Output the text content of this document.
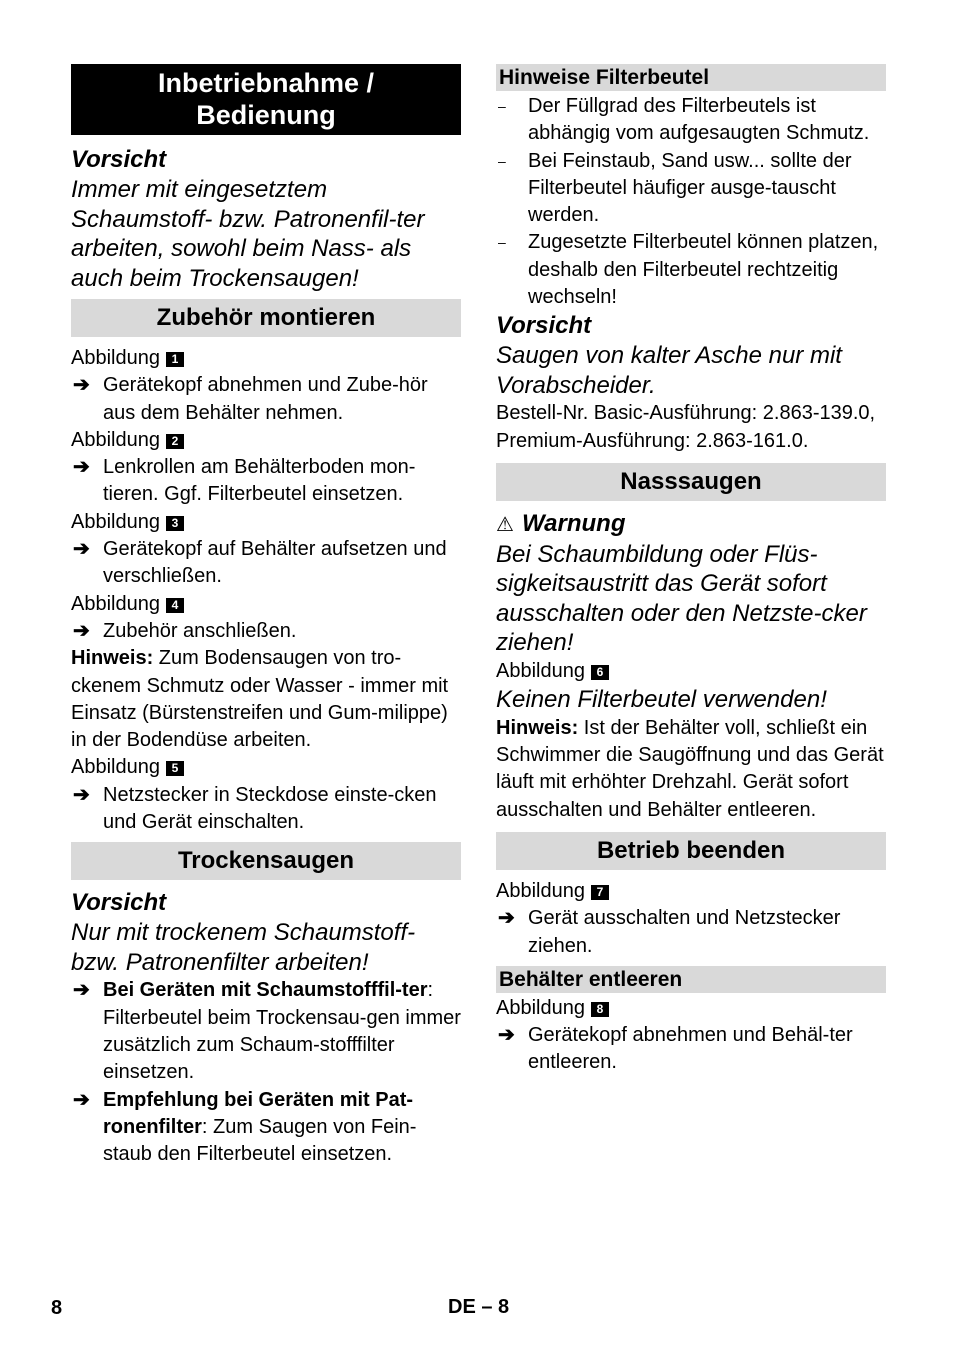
Inbetriebnahme /
Bedienung
Vorsicht
Immer mit eingesetztem Schaumstoff- bzw. Patronenfil-ter arbeiten, sowohl beim Nass- als auch beim Trockensaugen!
Zubehör montieren
Abbildung 1
➔ Gerätekopf abnehmen und Zube-hör aus dem Behälter nehmen.
Abbildung 2
➔ Lenkrollen am Behälterboden mon-tieren. Ggf. Filterbeutel einsetzen.
Abbildung 3
➔ Gerätekopf auf Behälter aufsetzen und verschließen.
Abbildung 4
➔ Zubehör anschließen.
Hinweis: Zum Bodensaugen von tro-ckenem Schmutz oder Wasser - immer mit Einsatz (Bürstenstreifen und Gum-milippe) in der Bodendüse arbeiten.
Abbildung 5
➔ Netzstecker in Steckdose einste-cken und Gerät einschalten.
Trockensaugen
Vorsicht
Nur mit trockenem Schaumstoff- bzw. Patronenfilter arbeiten!
➔ Bei Geräten mit Schaumstofffil-ter: Filterbeutel beim Trockensau-gen immer zusätzlich zum Schaum-stofffilter einsetzen.
➔ Empfehlung bei Geräten mit Pat-ronenfilter: Zum Saugen von Fein-staub den Filterbeutel einsetzen.
Hinweise Filterbeutel
– Der Füllgrad des Filterbeutels ist abhängig vom aufgesaugten Schmutz.
– Bei Feinstaub, Sand usw... sollte der Filterbeutel häufiger ausge-tauscht werden.
– Zugesetzte Filterbeutel können platzen, deshalb den Filterbeutel rechtzeitig wechseln!
Vorsicht
Saugen von kalter Asche nur mit Vorabscheider.
Bestell-Nr. Basic-Ausführung: 2.863-139.0, Premium-Ausführung: 2.863-161.0.
Nasssaugen
⚠ Warnung
Bei Schaumbildung oder Flüs-sigkeitsaustritt das Gerät sofort ausschalten oder den Netzste-cker ziehen!
Abbildung 6
Keinen Filterbeutel verwenden!
Hinweis: Ist der Behälter voll, schließt ein Schwimmer die Saugöffnung und das Gerät läuft mit erhöhter Drehzahl. Gerät sofort ausschalten und Behälter entleeren.
Betrieb beenden
Abbildung 7
➔ Gerät ausschalten und Netzstecker ziehen.
Behälter entleeren
Abbildung 8
➔ Gerätekopf abnehmen und Behäl-ter entleeren.
8	DE – 8
